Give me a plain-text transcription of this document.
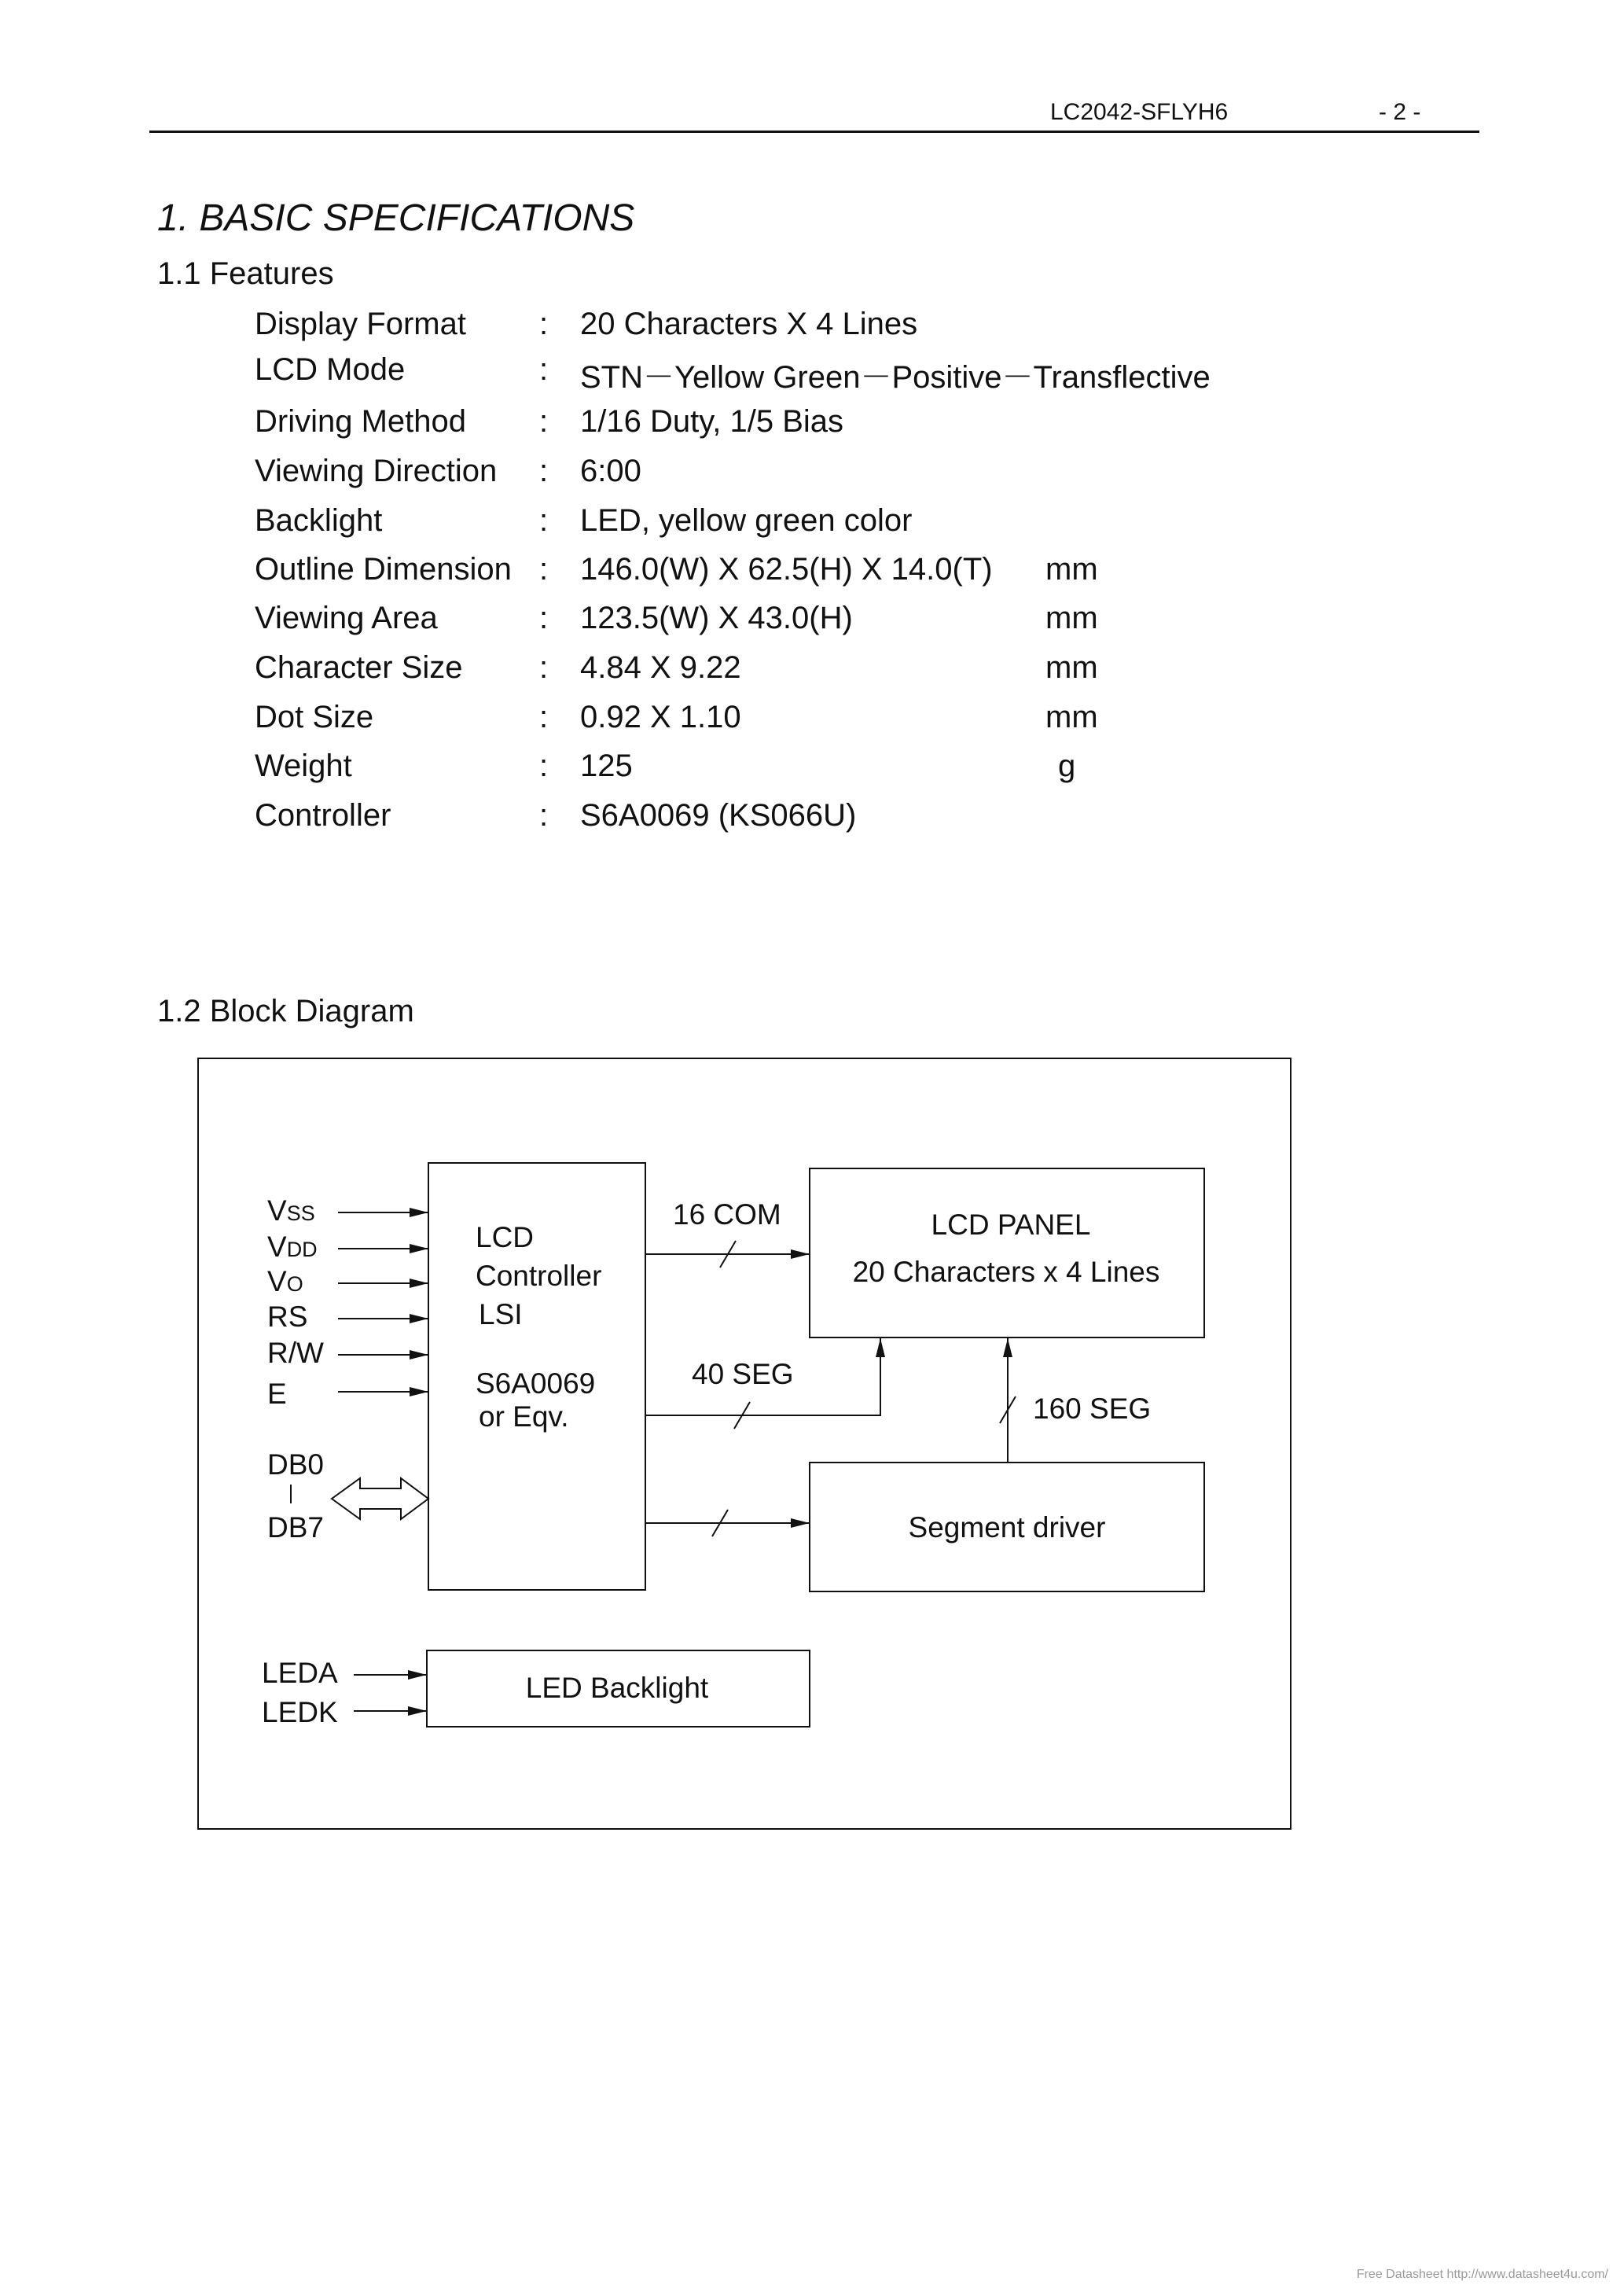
LC2042-SFLYH6	- 2 -
1. BASIC SPECIFICATIONS
1.1 Features
Display Format : 20 Characters X 4 Lines
LCD Mode	: STN－Yellow Green－Positive－Transflective
Driving Method : 1/16 Duty, 1/5 Bias
Viewing Direction : 6:00
Backlight	: LED, yellow green color
Outline Dimension : 146.0(W) X 62.5(H) X 14.0(T) mm
Viewing Area	: 123.5(W) X 43.0(H)	mm
Character Size : 4.84 X 9.22	mm
Dot Size	: 0.92 X 1.10	mm
Weight	: 125	g
Controller	: S6A0069 (KS066U)
1.2 Block Diagram
VSS
VDD
VO
RS
R/W
E
DB0
DB7
LEDA
LEDK
LCD
Controller
LSI
S6A0069
or Eqv.
16 COM
40 SEG
160 SEG
LCD PANEL
20 Characters x 4 Lines
Segment driver
LED Backlight
Free Datasheet http://www.datasheet4u.com/
